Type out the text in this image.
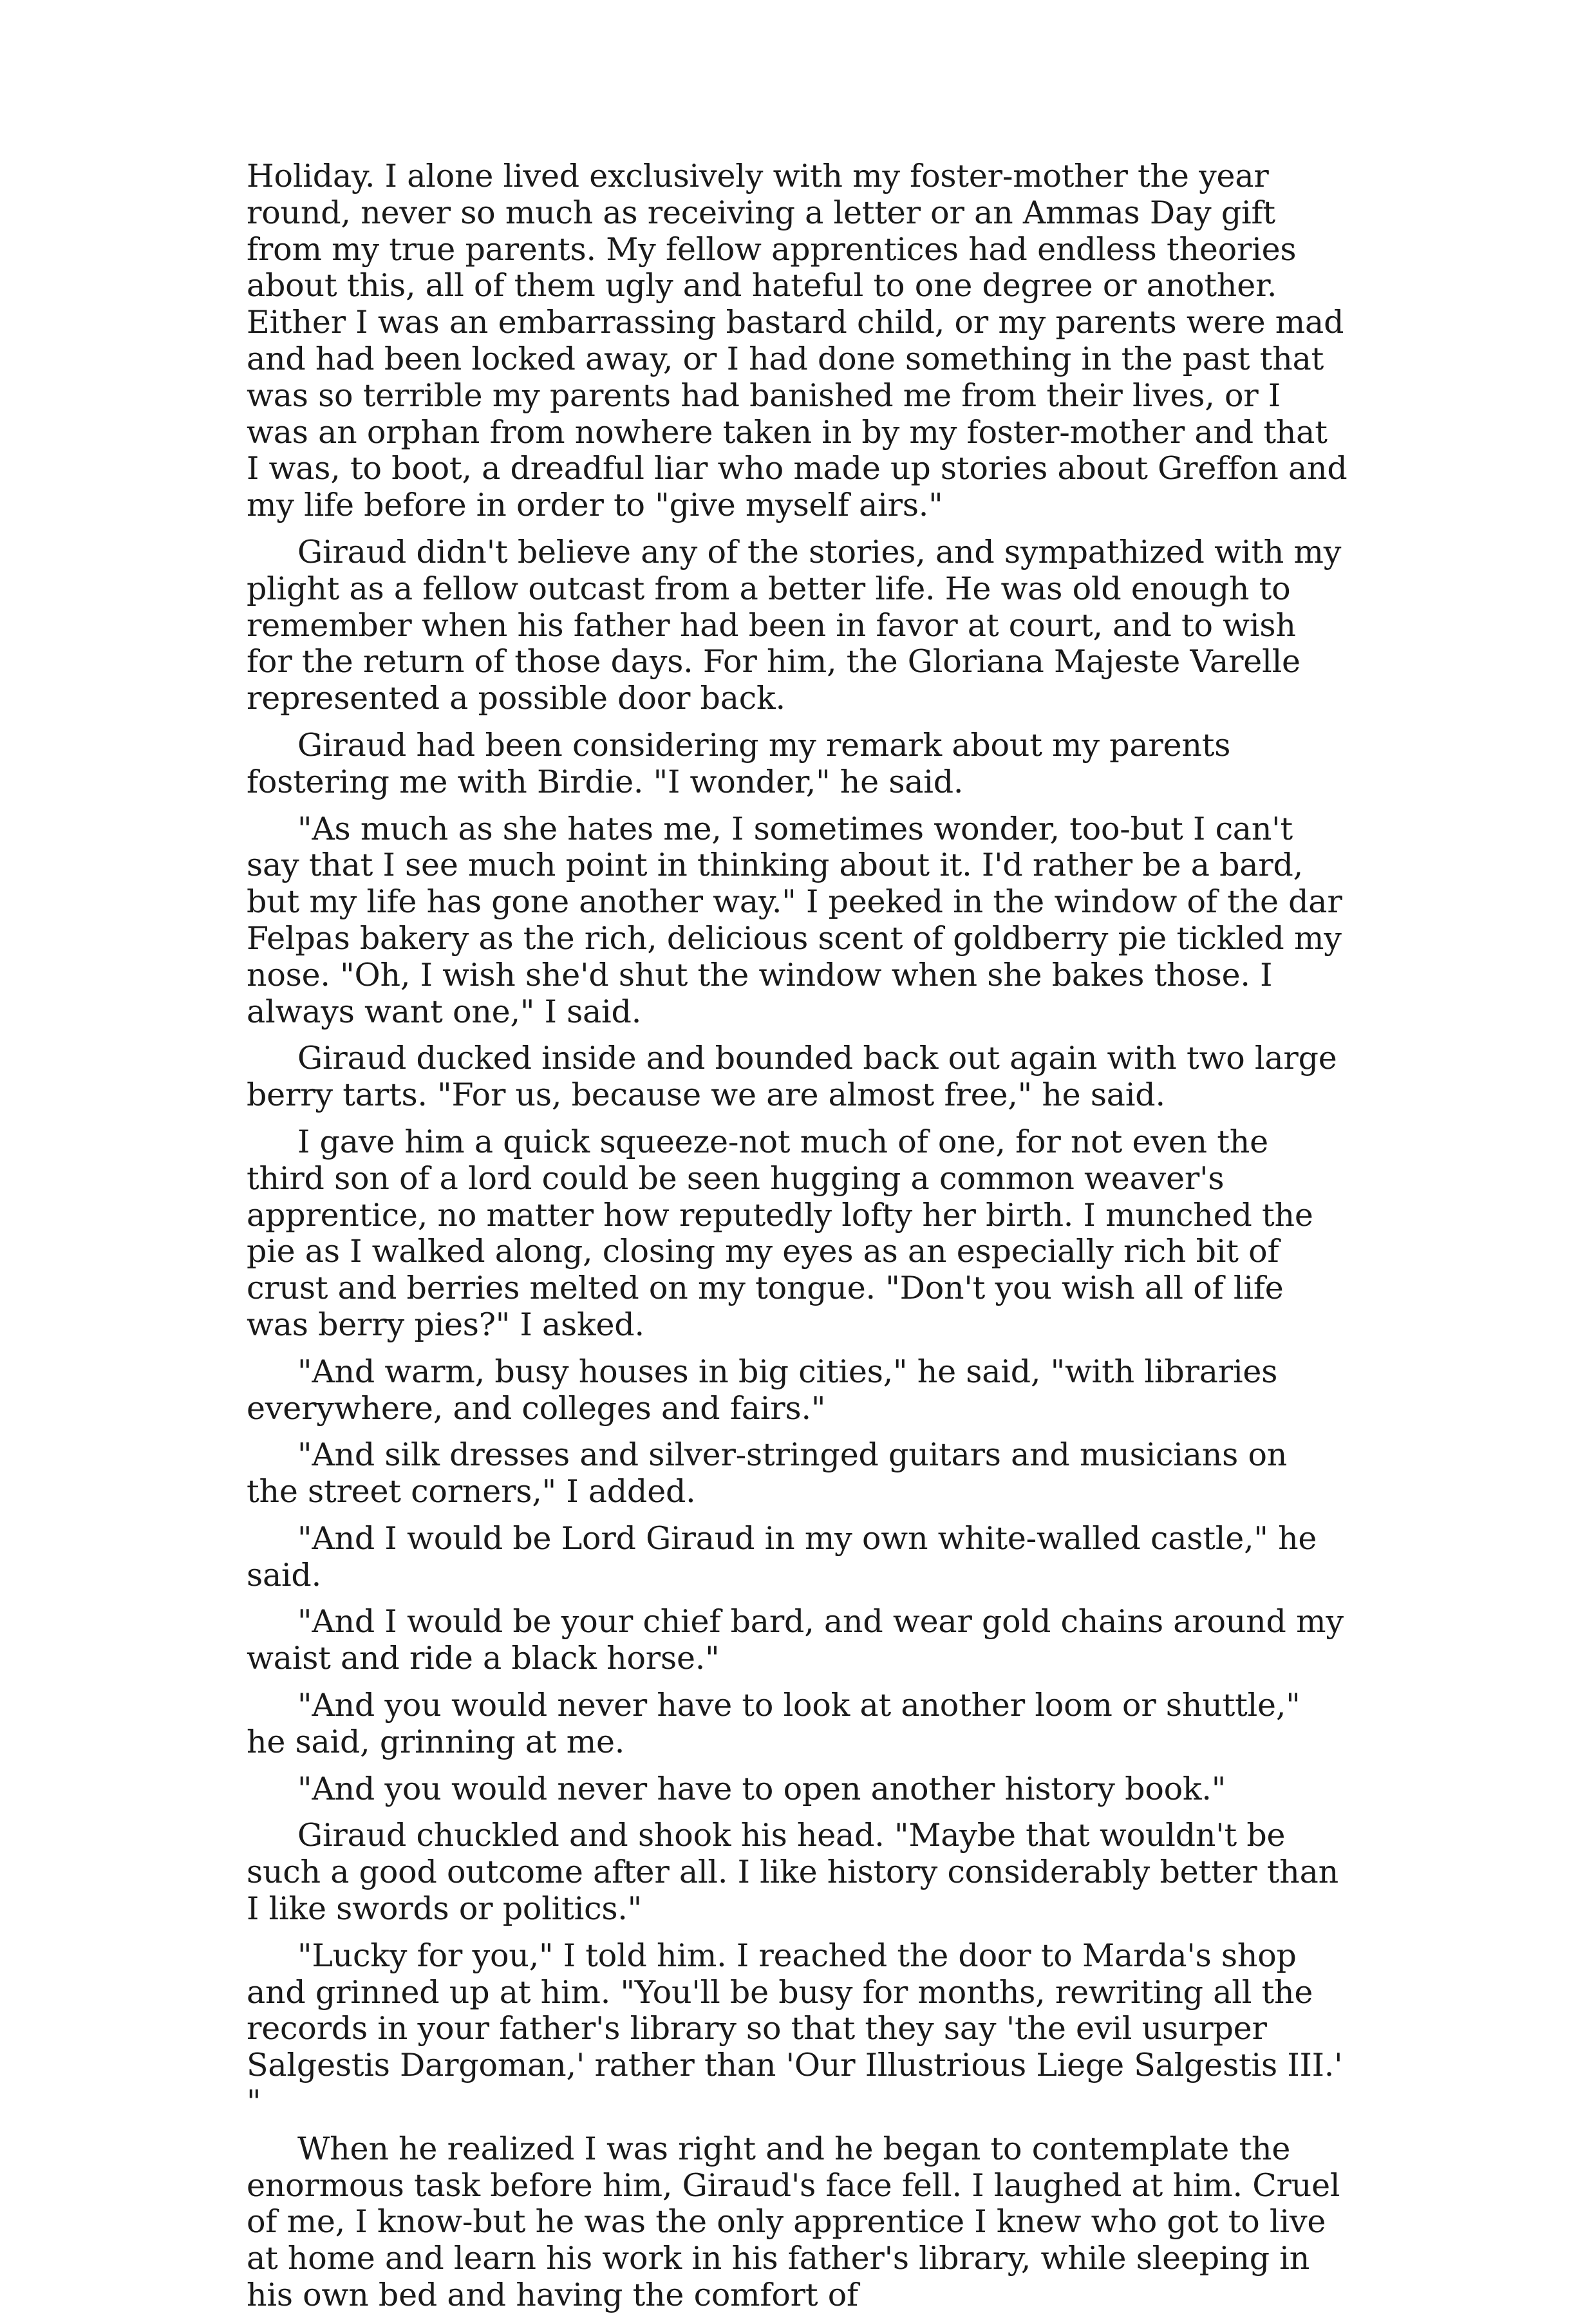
Holiday. I alone lived exclusively with my foster-mother the year round, never so much as receiving a letter or an Ammas Day gift from my true parents. My fellow apprentices had endless theories about this, all of them ugly and hateful to one degree or another. Either I was an embarrassing bastard child, or my parents were mad and had been locked away, or I had done something in the past that was so terrible my parents had banished me from their lives, or I was an orphan from nowhere taken in by my foster-mother and that I was, to boot, a dreadful liar who made up stories about Greffon and my life before in order to "give myself airs."

Giraud didn't believe any of the stories, and sympathized with my plight as a fellow outcast from a better life. He was old enough to remember when his father had been in favor at court, and to wish for the return of those days. For him, the Gloriana Majeste Varelle represented a possible door back.

Giraud had been considering my remark about my parents fostering me with Birdie. "I wonder," he said.

"As much as she hates me, I sometimes wonder, too-but I can't say that I see much point in thinking about it. I'd rather be a bard, but my life has gone another way." I peeked in the window of the dar Felpas bakery as the rich, delicious scent of goldberry pie tickled my nose. "Oh, I wish she'd shut the window when she bakes those. I always want one," I said.

Giraud ducked inside and bounded back out again with two large berry tarts. "For us, because we are almost free," he said.

I gave him a quick squeeze-not much of one, for not even the third son of a lord could be seen hugging a common weaver's apprentice, no matter how reputedly lofty her birth. I munched the pie as I walked along, closing my eyes as an especially rich bit of crust and berries melted on my tongue. "Don't you wish all of life was berry pies?" I asked.

"And warm, busy houses in big cities," he said, "with libraries everywhere, and colleges and fairs."

"And silk dresses and silver-stringed guitars and musicians on the street corners," I added.

"And I would be Lord Giraud in my own white-walled castle," he said.

"And I would be your chief bard, and wear gold chains around my waist and ride a black horse."

"And you would never have to look at another loom or shuttle," he said, grinning at me.

"And you would never have to open another history book."

Giraud chuckled and shook his head. "Maybe that wouldn't be such a good outcome after all. I like history considerably better than I like swords or politics."

"Lucky for you," I told him. I reached the door to Marda's shop and grinned up at him. "You'll be busy for months, rewriting all the records in your father's library so that they say 'the evil usurper Salgestis Dargoman,' rather than 'Our Illustrious Liege Salgestis III.' "

When he realized I was right and he began to contemplate the enormous task before him, Giraud's face fell. I laughed at him. Cruel of me, I know-but he was the only apprentice I knew who got to live at home and learn his work in his father's library, while sleeping in his own bed and having the comfort of
